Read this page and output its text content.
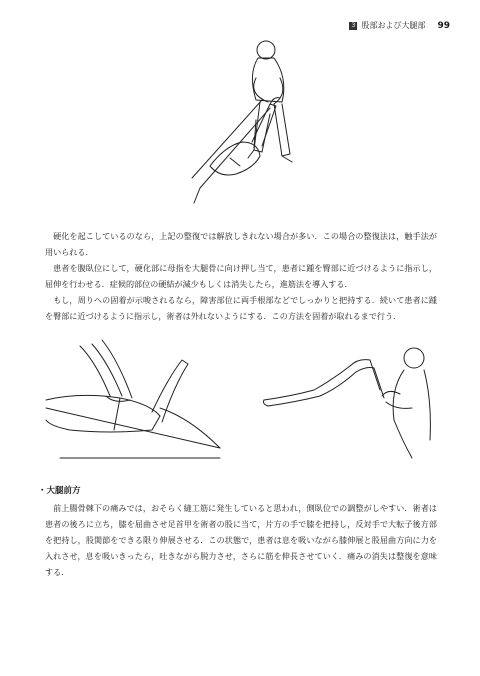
3 股部および大腿部 99

硬化を起こしているのなら，上記の整復では解放しきれない場合が多い．この場合の整復法は，触手法が用いられる．
患者を腹臥位にして，硬化部に母指を大腿骨に向け押し当て，患者に踵を臀部に近づけるように指示し，屈伸を行わせる．症候的部位の硬結が減少もしくは消失したら，進筋法を導入する．
もし，周りへの固着が示唆されるなら，障害部位に両手根部などでしっかりと把持する．続いて患者に踵を臀部に近づけるように指示し，術者は外れないようにする．この方法を固着が取れるまで行う．

・大腿前方

前上腸骨棘下の痛みでは，おそらく縫工筋に発生していると思われ，側臥位での調整がしやすい．術者は患者の後ろに立ち，膝を屈曲させ足首甲を術者の股に当て，片方の手で膝を把持し，反対手で大転子後方部を把持し，股関節をできる限り伸展させる．この状態で，患者は息を吸いながら膝伸展と股屈曲方向に力を入れさせ，息を吸いきったら，吐きながら脱力させ，さらに筋を伸長させていく．痛みの消失は整復を意味する．
